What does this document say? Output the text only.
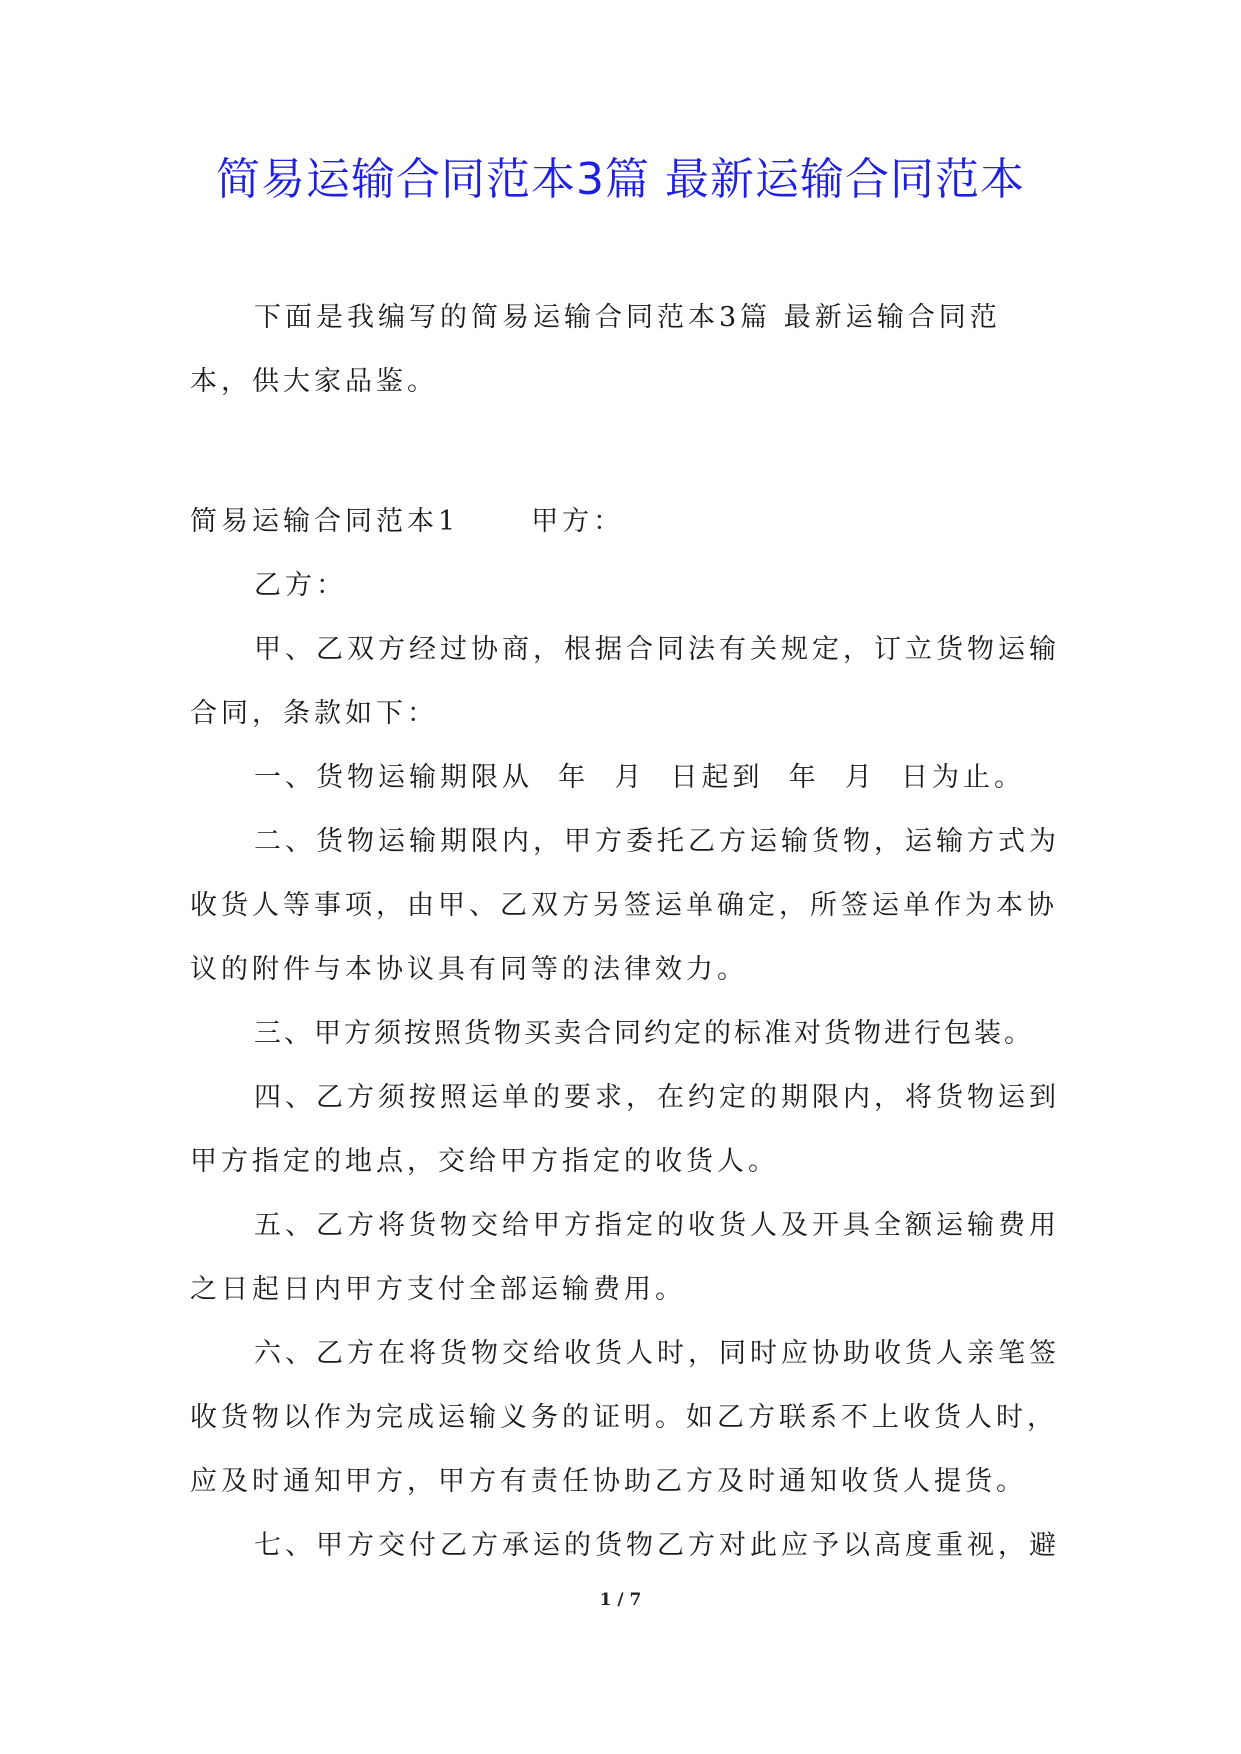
简易运输合同范本3篇 最新运输合同范本

下面是我编写的简易运输合同范本3篇 最新运输合同范本，供大家品鉴。

简易运输合同范本1	甲方：

乙方：

甲、乙双方经过协商，根据合同法有关规定，订立货物运输合同，条款如下：

一、货物运输期限从  年  月  日起到  年  月  日为止。

二、货物运输期限内，甲方委托乙方运输货物，运输方式为收货人等事项，由甲、乙双方另签运单确定，所签运单作为本协议的附件与本协议具有同等的法律效力。

三、甲方须按照货物买卖合同约定的标准对货物进行包装。

四、乙方须按照运单的要求，在约定的期限内，将货物运到甲方指定的地点，交给甲方指定的收货人。

五、乙方将货物交给甲方指定的收货人及开具全额运输费用之日起日内甲方支付全部运输费用。

六、乙方在将货物交给收货人时，同时应协助收货人亲笔签收货物以作为完成运输义务的证明。如乙方联系不上收货人时，应及时通知甲方，甲方有责任协助乙方及时通知收货人提货。

七、甲方交付乙方承运的货物乙方对此应予以高度重视，避

1 / 7
